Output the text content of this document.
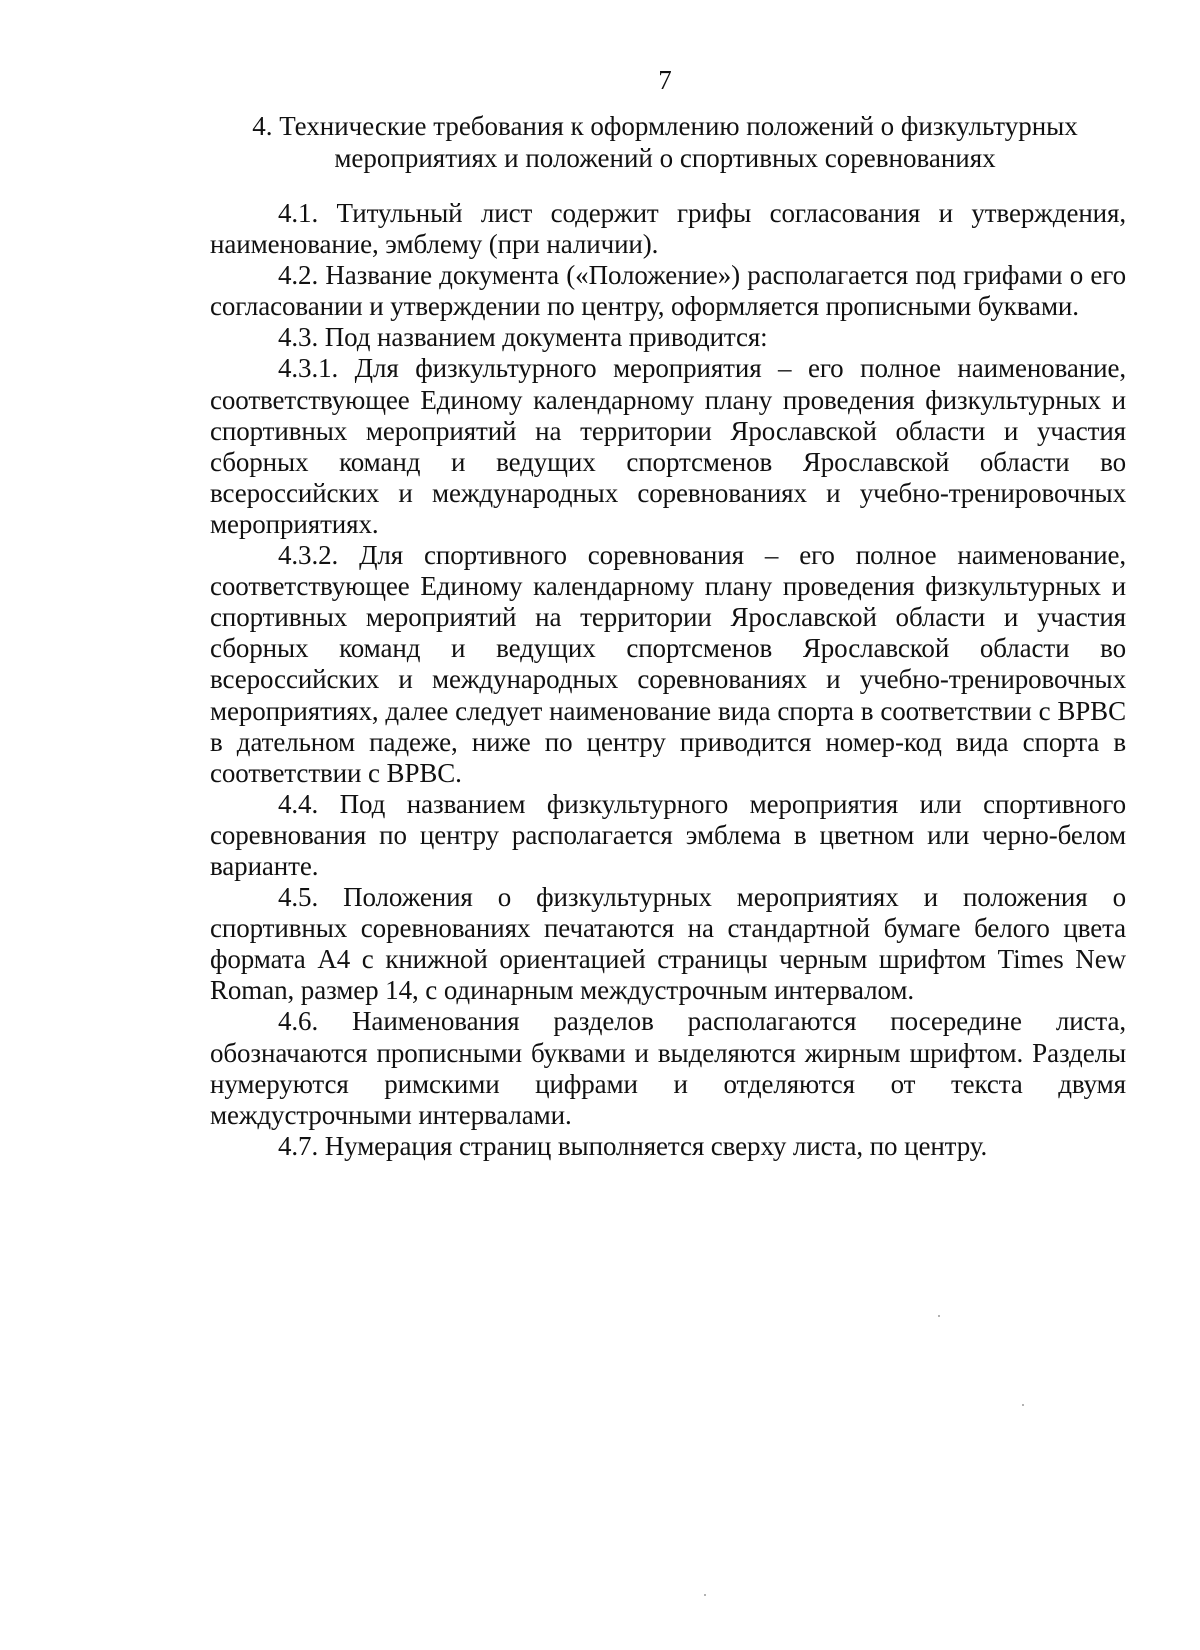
7
4. Технические требования к оформлению положений о физкультурных
мероприятиях и положений о спортивных соревнованиях

4.1. Титульный лист содержит грифы согласования и утверждения, наименование, эмблему (при наличии).

4.2. Название документа («Положение») располагается под грифами о его согласовании и утверждении по центру, оформляется прописными буквами.

4.3. Под названием документа приводится:

4.3.1. Для физкультурного мероприятия – его полное наименование, соответствующее Единому календарному плану проведения физкультурных и спортивных мероприятий на территории Ярославской области и участия сборных команд и ведущих спортсменов Ярославской области во всероссийских и международных соревнованиях и учебно-тренировочных мероприятиях.

4.3.2. Для спортивного соревнования – его полное наименование, соответствующее Единому календарному плану проведения физкультурных и спортивных мероприятий на территории Ярославской области и участия сборных команд и ведущих спортсменов Ярославской области во всероссийских и международных соревнованиях и учебно-тренировочных мероприятиях, далее следует наименование вида спорта в соответствии с ВРВС в дательном падеже, ниже по центру приводится номер-код вида спорта в соответствии с ВРВС.

4.4. Под названием физкультурного мероприятия или спортивного соревнования по центру располагается эмблема в цветном или черно-белом варианте.

4.5. Положения о физкультурных мероприятиях и положения о спортивных соревнованиях печатаются на стандартной бумаге белого цвета формата А4 с книжной ориентацией страницы черным шрифтом Times New Roman, размер 14, с одинарным междустрочным интервалом.

4.6. Наименования разделов располагаются посередине листа, обозначаются прописными буквами и выделяются жирным шрифтом. Разделы нумеруются римскими цифрами и отделяются от текста двумя междустрочными интервалами.

4.7. Нумерация страниц выполняется сверху листа, по центру.
